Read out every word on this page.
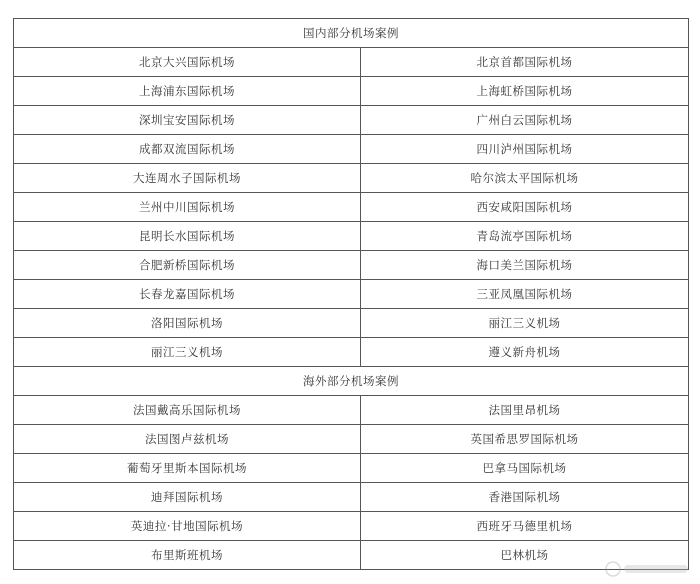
国内部分机场案例	
北京大兴国际机场	北京首都国际机场
上海浦东国际机场	上海虹桥国际机场
深圳宝安国际机场	广州白云国际机场
成都双流国际机场	四川泸州国际机场
大连周水子国际机场	哈尔滨太平国际机场
兰州中川国际机场	西安咸阳国际机场
昆明长水国际机场	青岛流亭国际机场
合肥新桥国际机场	海口美兰国际机场
长春龙嘉国际机场	三亚凤凰国际机场
洛阳国际机场	丽江三义机场
丽江三义机场	遵义新舟机场
海外部分机场案例	
法国戴高乐国际机场	法国里昂机场
法国图卢兹机场	英国希思罗国际机场
葡萄牙里斯本国际机场	巴拿马国际机场
迪拜国际机场	香港国际机场
英迪拉·甘地国际机场	西班牙马德里机场
布里斯班机场	巴林机场
